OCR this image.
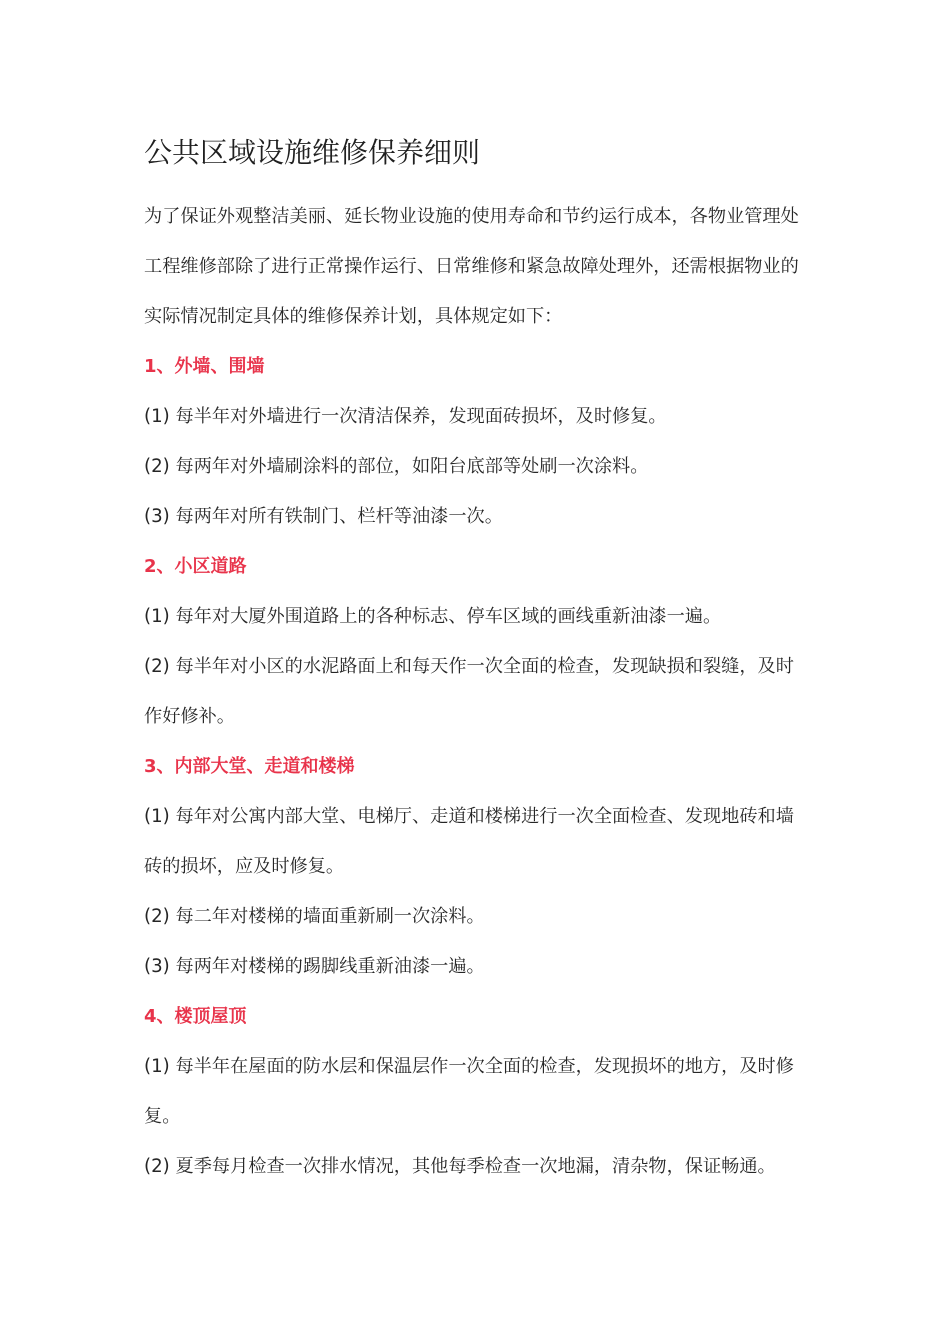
公共区域设施维修保养细则

为了保证外观整洁美丽、延长物业设施的使用寿命和节约运行成本，各物业管理处工程维修部除了进行正常操作运行、日常维修和紧急故障处理外，还需根据物业的实际情况制定具体的维修保养计划，具体规定如下：

1、外墙、围墙

(1) 每半年对外墙进行一次清洁保养，发现面砖损坏，及时修复。

(2) 每两年对外墙刷涂料的部位，如阳台底部等处刷一次涂料。

(3) 每两年对所有铁制门、栏杆等油漆一次。

2、小区道路

(1) 每年对大厦外围道路上的各种标志、停车区域的画线重新油漆一遍。

(2) 每半年对小区的水泥路面上和每天作一次全面的检查，发现缺损和裂缝，及时作好修补。

3、内部大堂、走道和楼梯

(1) 每年对公寓内部大堂、电梯厅、走道和楼梯进行一次全面检查、发现地砖和墙砖的损坏，应及时修复。

(2) 每二年对楼梯的墙面重新刷一次涂料。

(3) 每两年对楼梯的踢脚线重新油漆一遍。

4、楼顶屋顶

(1) 每半年在屋面的防水层和保温层作一次全面的检查，发现损坏的地方，及时修复。

(2) 夏季每月检查一次排水情况，其他每季检查一次地漏，清杂物，保证畅通。
